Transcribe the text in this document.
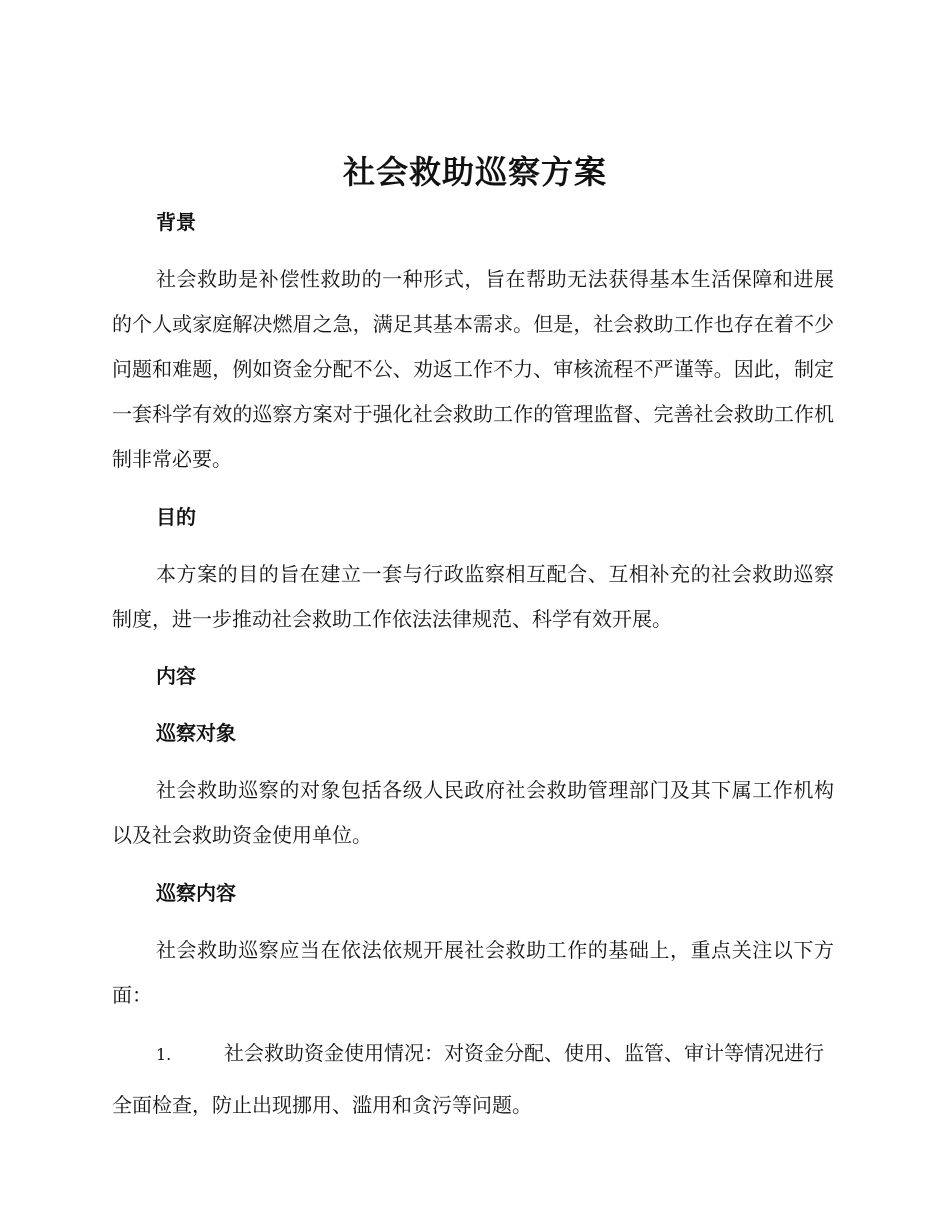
社会救助巡察方案
背景
社会救助是补偿性救助的一种形式，旨在帮助无法获得基本生活保障和进展的个人或家庭解决燃眉之急，满足其基本需求。但是，社会救助工作也存在着不少问题和难题，例如资金分配不公、劝返工作不力、审核流程不严谨等。因此，制定一套科学有效的巡察方案对于强化社会救助工作的管理监督、完善社会救助工作机制非常必要。
目的
本方案的目的旨在建立一套与行政监察相互配合、互相补充的社会救助巡察制度，进一步推动社会救助工作依法法律规范、科学有效开展。
内容
巡察对象
社会救助巡察的对象包括各级人民政府社会救助管理部门及其下属工作机构以及社会救助资金使用单位。
巡察内容
社会救助巡察应当在依法依规开展社会救助工作的基础上，重点关注以下方面：
1.	社会救助资金使用情况：对资金分配、使用、监管、审计等情况进行全面检查，防止出现挪用、滥用和贪污等问题。
